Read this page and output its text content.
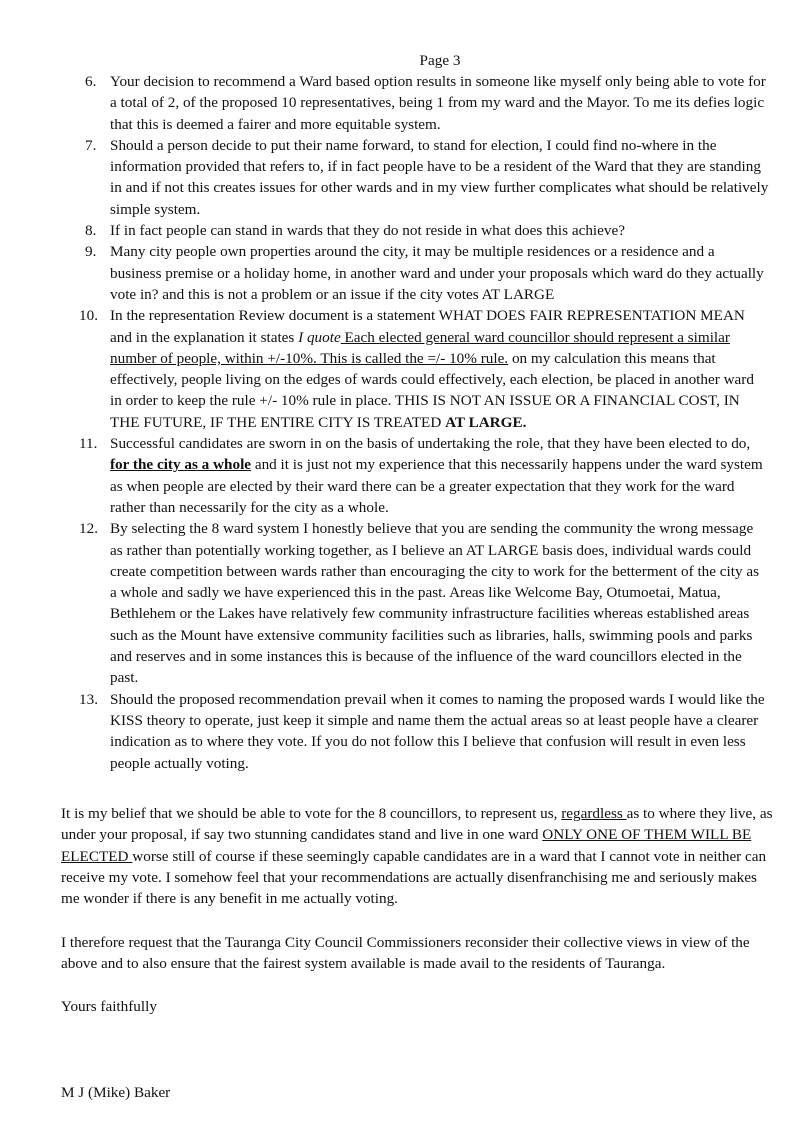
Page 3
6. Your decision to recommend a Ward based option results in someone like myself only being able to vote for a total of 2, of the proposed 10 representatives, being 1 from my ward and the Mayor. To me its defies logic that this is deemed a fairer and more equitable system.
7. Should a person decide to put their name forward, to stand for election, I could find no-where in the information provided that refers to, if in fact people have to be a resident of the Ward that they are standing in and if not this creates issues for other wards and in my view further complicates what should be relatively simple system.
8. If in fact people can stand in wards that they do not reside in what does this achieve?
9. Many city people own properties around the city, it may be multiple residences or a residence and a business premise or a holiday home, in another ward and under your proposals which ward do they actually vote in? and this is not a problem or an issue if the city votes AT LARGE
10. In the representation Review document is a statement WHAT DOES FAIR REPRESENTATION MEAN and in the explanation it states I quote Each elected general ward councillor should represent a similar number of people, within +/-10%. This is called the =/- 10% rule. on my calculation this means that effectively, people living on the edges of wards could effectively, each election, be placed in another ward in order to keep the rule +/- 10% rule in place. THIS IS NOT AN ISSUE OR A FINANCIAL COST, IN THE FUTURE, IF THE ENTIRE CITY IS TREATED AT LARGE.
11. Successful candidates are sworn in on the basis of undertaking the role, that they have been elected to do, for the city as a whole and it is just not my experience that this necessarily happens under the ward system as when people are elected by their ward there can be a greater expectation that they work for the ward rather than necessarily for the city as a whole.
12. By selecting the 8 ward system I honestly believe that you are sending the community the wrong message as rather than potentially working together, as I believe an AT LARGE basis does, individual wards could create competition between wards rather than encouraging the city to work for the betterment of the city as a whole and sadly we have experienced this in the past. Areas like Welcome Bay, Otumoetai, Matua, Bethlehem or the Lakes have relatively few community infrastructure facilities whereas established areas such as the Mount have extensive community facilities such as libraries, halls, swimming pools and parks and reserves and in some instances this is because of the influence of the ward councillors elected in the past.
13. Should the proposed recommendation prevail when it comes to naming the proposed wards I would like the KISS theory to operate, just keep it simple and name them the actual areas so at least people have a clearer indication as to where they vote. If you do not follow this I believe that confusion will result in even less people actually voting.

It is my belief that we should be able to vote for the 8 councillors, to represent us, regardless as to where they live, as under your proposal, if say two stunning candidates stand and live in one ward ONLY ONE OF THEM WILL BE ELECTED worse still of course if these seemingly capable candidates are in a ward that I cannot vote in neither can receive my vote. I somehow feel that your recommendations are actually disenfranchising me and seriously makes me wonder if there is any benefit in me actually voting.

I therefore request that the Tauranga City Council Commissioners reconsider their collective views in view of the above and to also ensure that the fairest system available is made avail to the residents of Tauranga.

Yours faithfully

M J (Mike) Baker
